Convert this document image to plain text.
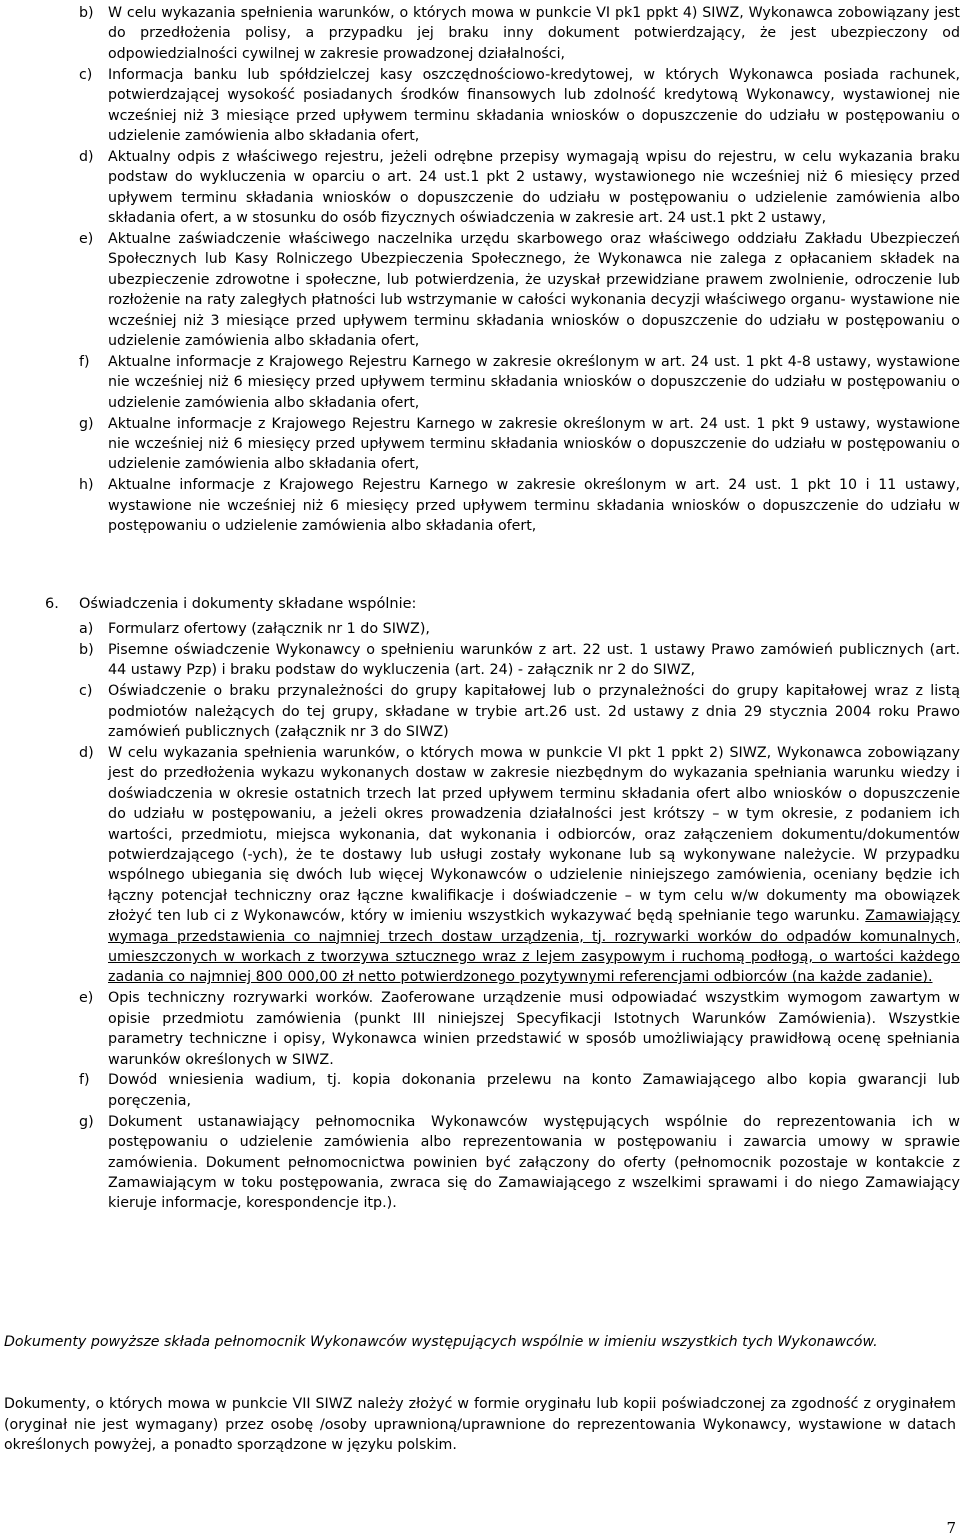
b) W celu wykazania spełnienia warunków, o których mowa w punkcie VI pk1 ppkt 4) SIWZ, Wykonawca zobowiązany jest do przedłożenia polisy, a przypadku jej braku inny dokument potwierdzający, że jest ubezpieczony od odpowiedzialności cywilnej w zakresie prowadzonej działalności,
c) Informacja banku lub spółdzielczej kasy oszczędnościowo-kredytowej, w których Wykonawca posiada rachunek, potwierdzającej wysokość posiadanych środków finansowych lub zdolność kredytową Wykonawcy, wystawionej nie wcześniej niż 3 miesiące przed upływem terminu składania wniosków o dopuszczenie do udziału w postępowaniu o udzielenie zamówienia albo składania ofert,
d) Aktualny odpis z właściwego rejestru, jeżeli odrębne przepisy wymagają wpisu do rejestru, w celu wykazania braku podstaw do wykluczenia w oparciu o art. 24 ust.1 pkt 2 ustawy, wystawionego nie wcześniej niż 6 miesięcy przed upływem terminu składania wniosków o dopuszczenie do udziału w postępowaniu o udzielenie zamówienia albo składania ofert, a w stosunku do osób fizycznych oświadczenia w zakresie art. 24 ust.1 pkt 2 ustawy,
e) Aktualne zaświadczenie właściwego naczelnika urzędu skarbowego oraz właściwego oddziału Zakładu Ubezpieczeń Społecznych lub Kasy Rolniczego Ubezpieczenia Społecznego, że Wykonawca nie zalega z opłacaniem składek na ubezpieczenie zdrowotne i społeczne, lub potwierdzenia, że uzyskał przewidziane prawem zwolnienie, odroczenie lub rozłożenie na raty zaległych płatności lub wstrzymanie w całości wykonania decyzji właściwego organu- wystawione nie wcześniej niż 3 miesiące przed upływem terminu składania wniosków o dopuszczenie do udziału w postępowaniu o udzielenie zamówienia albo składania ofert,
f) Aktualne informacje z Krajowego Rejestru Karnego w zakresie określonym w art. 24 ust. 1 pkt 4-8 ustawy, wystawione nie wcześniej niż 6 miesięcy przed upływem terminu składania wniosków o dopuszczenie do udziału w postępowaniu o udzielenie zamówienia albo składania ofert,
g) Aktualne informacje z Krajowego Rejestru Karnego w zakresie określonym w art. 24 ust. 1 pkt 9 ustawy, wystawione nie wcześniej niż 6 miesięcy przed upływem terminu składania wniosków o dopuszczenie do udziału w postępowaniu o udzielenie zamówienia albo składania ofert,
h) Aktualne informacje z Krajowego Rejestru Karnego w zakresie określonym w art. 24 ust. 1 pkt 10 i 11 ustawy, wystawione nie wcześniej niż 6 miesięcy przed upływem terminu składania wniosków o dopuszczenie do udziału w postępowaniu o udzielenie zamówienia albo składania ofert,
6. Oświadczenia i dokumenty składane wspólnie:
a) Formularz ofertowy (załącznik nr 1 do SIWZ),
b) Pisemne oświadczenie Wykonawcy o spełnieniu warunków z art. 22 ust. 1 ustawy Prawo zamówień publicznych (art. 44 ustawy Pzp) i braku podstaw do wykluczenia (art. 24) - załącznik nr 2 do SIWZ,
c) Oświadczenie o braku przynależności do grupy kapitałowej lub o przynależności do grupy kapitałowej wraz z listą podmiotów należących do tej grupy, składane w trybie art.26 ust. 2d ustawy z dnia 29 stycznia 2004 roku Prawo zamówień publicznych (załącznik nr 3 do SIWZ)
d) W celu wykazania spełnienia warunków, o których mowa w punkcie VI pkt 1 ppkt 2) SIWZ, Wykonawca zobowiązany jest do przedłożenia wykazu wykonanych dostaw w zakresie niezbędnym do wykazania spełniania warunku wiedzy i doświadczenia w okresie ostatnich trzech lat przed upływem terminu składania ofert albo wniosków o dopuszczenie do udziału w postępowaniu, a jeżeli okres prowadzenia działalności jest krótszy – w tym okresie, z podaniem ich wartości, przedmiotu, miejsca wykonania, dat wykonania i odbiorców, oraz załączeniem dokumentu/dokumentów potwierdzającego (-ych), że te dostawy lub usługi zostały wykonane lub są wykonywane należycie. W przypadku wspólnego ubiegania się dwóch lub więcej Wykonawców o udzielenie niniejszego zamówienia, oceniany będzie ich łączny potencjał techniczny oraz łączne kwalifikacje i doświadczenie – w tym celu w/w dokumenty ma obowiązek złożyć ten lub ci z Wykonawców, który w imieniu wszystkich wykazywać będą spełnianie tego warunku. Zamawiający wymaga przedstawienia co najmniej trzech dostaw urządzenia, tj. rozrywarki worków do odpadów komunalnych, umieszczonych w workach z tworzywa sztucznego wraz z lejem zasypowym i ruchomą podłogą, o wartości każdego zadania co najmniej 800 000,00 zł netto potwierdzonego pozytywnymi referencjami odbiorców (na każde zadanie).
e) Opis techniczny rozrywarki worków. Zaoferowane urządzenie musi odpowiadać wszystkim wymogom zawartym w opisie przedmiotu zamówienia (punkt III niniejszej Specyfikacji Istotnych Warunków Zamówienia). Wszystkie parametry techniczne i opisy, Wykonawca winien przedstawić w sposób umożliwiający prawidłową ocenę spełniania warunków określonych w SIWZ.
f) Dowód wniesienia wadium, tj. kopia dokonania przelewu na konto Zamawiającego albo kopia gwarancji lub poręczenia,
g) Dokument ustanawiający pełnomocnika Wykonawców występujących wspólnie do reprezentowania ich w postępowaniu o udzielenie zamówienia albo reprezentowania w postępowaniu i zawarcia umowy w sprawie zamówienia. Dokument pełnomocnictwa powinien być załączony do oferty (pełnomocnik pozostaje w kontakcie z Zamawiającym w toku postępowania, zwraca się do Zamawiającego z wszelkimi sprawami i do niego Zamawiający kieruje informacje, korespondencje itp.).
Dokumenty powyższe składa pełnomocnik Wykonawców występujących wspólnie w imieniu wszystkich tych Wykonawców.
Dokumenty, o których mowa w punkcie VII SIWZ należy złożyć w formie oryginału lub kopii poświadczonej za zgodność z oryginałem (oryginał nie jest wymagany) przez osobę /osoby uprawnioną/uprawnione do reprezentowania Wykonawcy, wystawione w datach określonych powyżej, a ponadto sporządzone w języku polskim.
7
